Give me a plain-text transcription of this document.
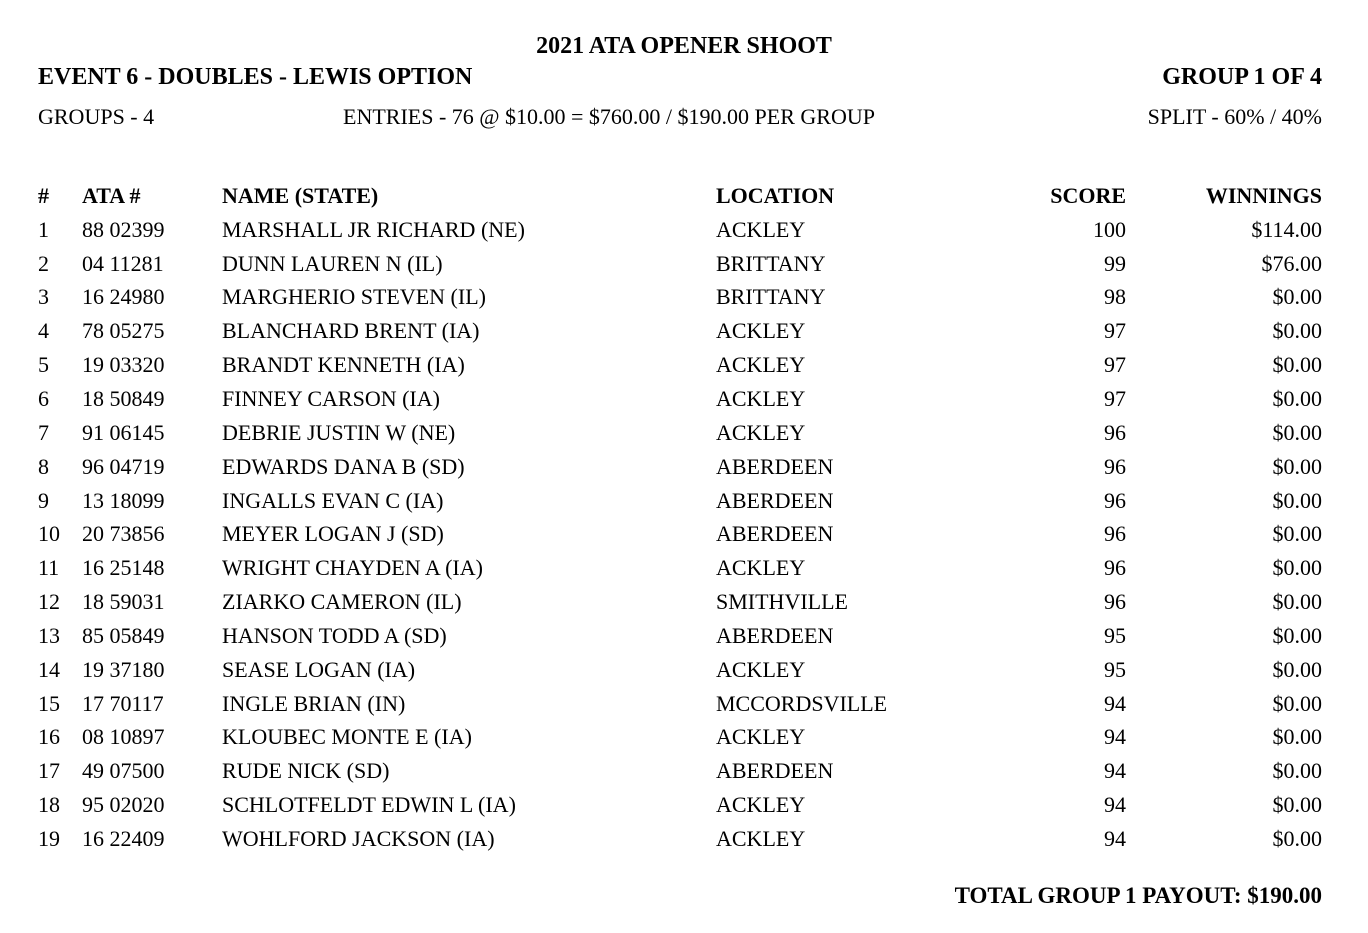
2021 ATA OPENER SHOOT
EVENT 6 - DOUBLES - LEWIS OPTION	GROUP 1 OF 4
GROUPS - 4	ENTRIES - 76 @ $10.00 = $760.00 / $190.00 PER GROUP	SPLIT - 60% / 40%
#	ATA #	NAME (STATE)	LOCATION	SCORE	WINNINGS
1	88 02399	MARSHALL JR RICHARD (NE)	ACKLEY	100	$114.00
2	04 11281	DUNN LAUREN N (IL)	BRITTANY	99	$76.00
3	16 24980	MARGHERIO STEVEN (IL)	BRITTANY	98	$0.00
4	78 05275	BLANCHARD BRENT (IA)	ACKLEY	97	$0.00
5	19 03320	BRANDT KENNETH (IA)	ACKLEY	97	$0.00
6	18 50849	FINNEY CARSON (IA)	ACKLEY	97	$0.00
7	91 06145	DEBRIE JUSTIN W (NE)	ACKLEY	96	$0.00
8	96 04719	EDWARDS DANA B (SD)	ABERDEEN	96	$0.00
9	13 18099	INGALLS EVAN C (IA)	ABERDEEN	96	$0.00
10	20 73856	MEYER LOGAN J (SD)	ABERDEEN	96	$0.00
11	16 25148	WRIGHT CHAYDEN A (IA)	ACKLEY	96	$0.00
12	18 59031	ZIARKO CAMERON (IL)	SMITHVILLE	96	$0.00
13	85 05849	HANSON TODD A (SD)	ABERDEEN	95	$0.00
14	19 37180	SEASE LOGAN (IA)	ACKLEY	95	$0.00
15	17 70117	INGLE BRIAN (IN)	MCCORDSVILLE	94	$0.00
16	08 10897	KLOUBEC MONTE E (IA)	ACKLEY	94	$0.00
17	49 07500	RUDE NICK (SD)	ABERDEEN	94	$0.00
18	95 02020	SCHLOTFELDT EDWIN L (IA)	ACKLEY	94	$0.00
19	16 22409	WOHLFORD JACKSON (IA)	ACKLEY	94	$0.00
TOTAL GROUP 1 PAYOUT: $190.00
